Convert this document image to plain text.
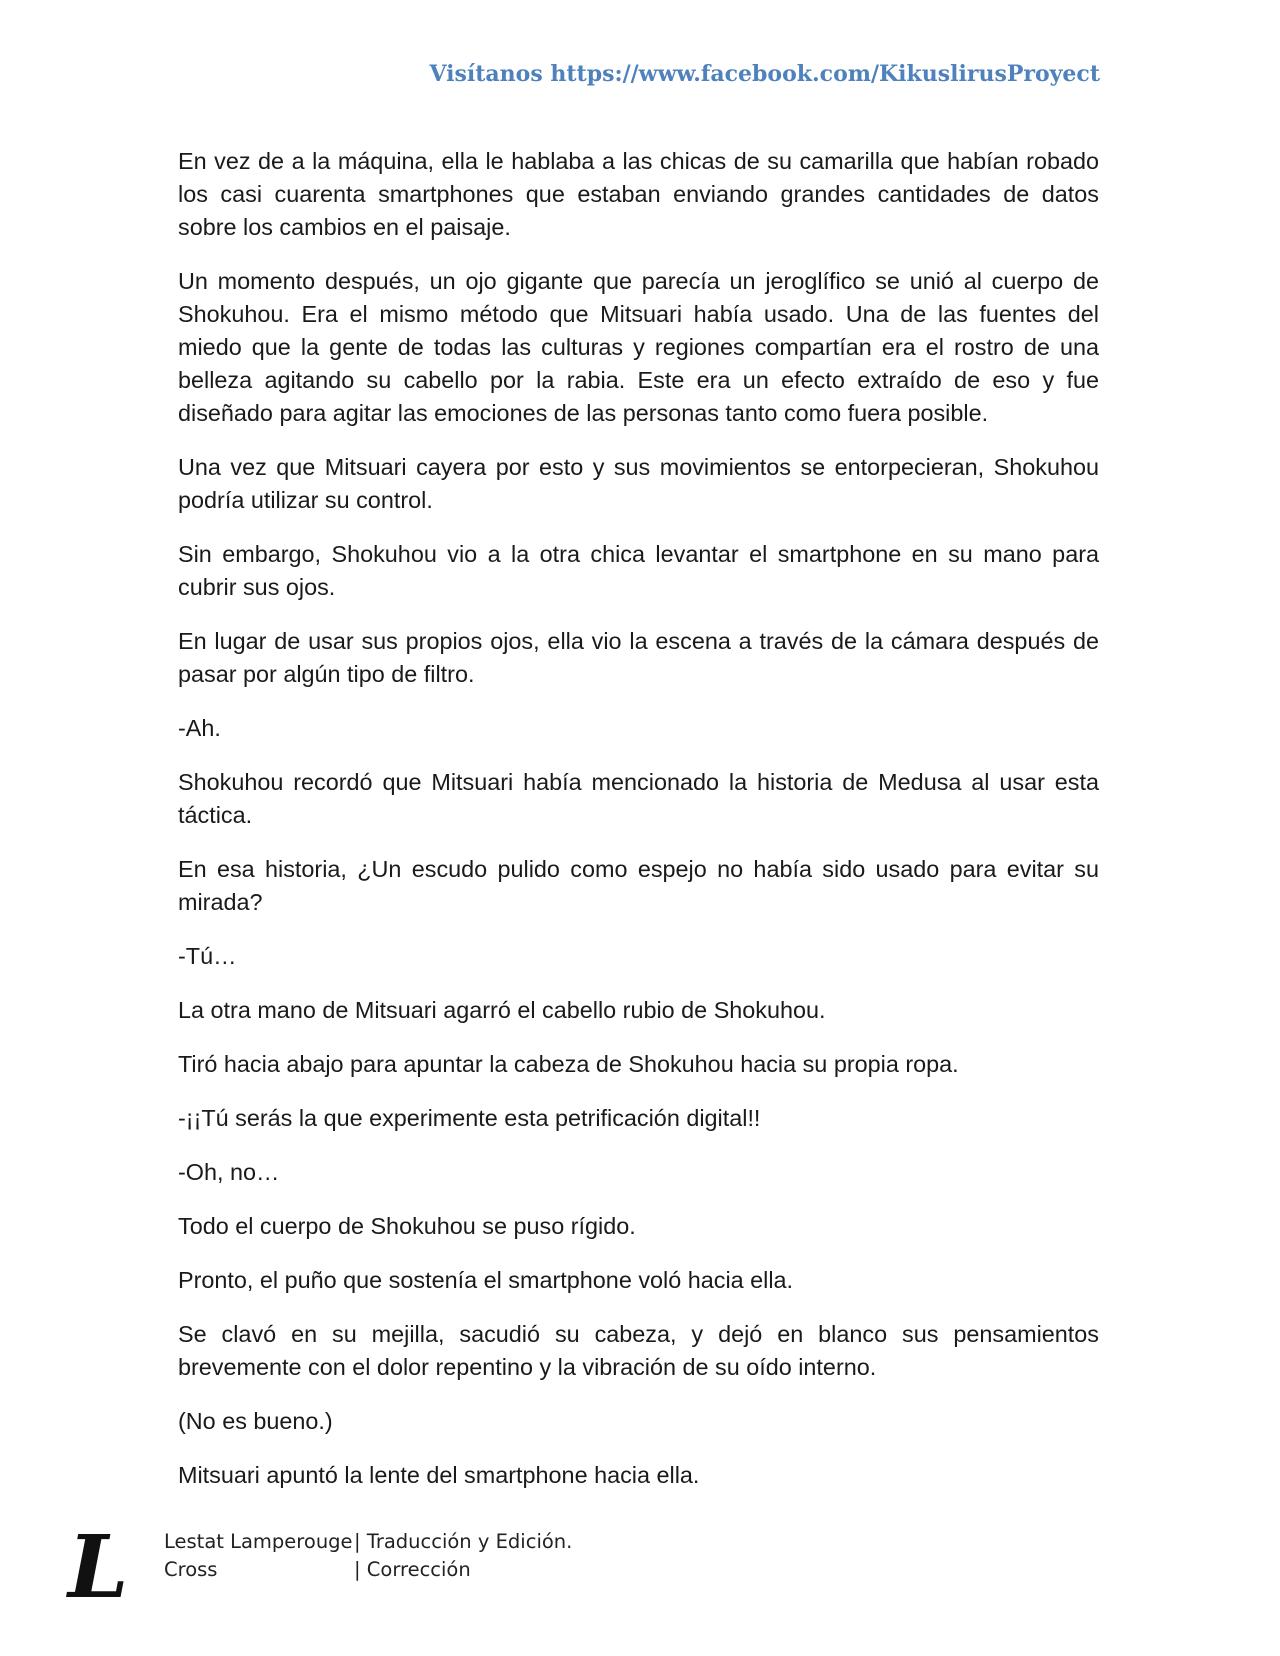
Visítanos https://www.facebook.com/KikuslirusProyect

En vez de a la máquina, ella le hablaba a las chicas de su camarilla que habían robado los casi cuarenta smartphones que estaban enviando grandes cantidades de datos sobre los cambios en el paisaje.

Un momento después, un ojo gigante que parecía un jeroglífico se unió al cuerpo de Shokuhou. Era el mismo método que Mitsuari había usado. Una de las fuentes del miedo que la gente de todas las culturas y regiones compartían era el rostro de una belleza agitando su cabello por la rabia. Este era un efecto extraído de eso y fue diseñado para agitar las emociones de las personas tanto como fuera posible.

Una vez que Mitsuari cayera por esto y sus movimientos se entorpecieran, Shokuhou podría utilizar su control.

Sin embargo, Shokuhou vio a la otra chica levantar el smartphone en su mano para cubrir sus ojos.

En lugar de usar sus propios ojos, ella vio la escena a través de la cámara después de pasar por algún tipo de filtro.

-Ah.

Shokuhou recordó que Mitsuari había mencionado la historia de Medusa al usar esta táctica.

En esa historia, ¿Un escudo pulido como espejo no había sido usado para evitar su mirada?

-Tú…

La otra mano de Mitsuari agarró el cabello rubio de Shokuhou.

Tiró hacia abajo para apuntar la cabeza de Shokuhou hacia su propia ropa.

-¡¡Tú serás la que experimente esta petrificación digital!!

-Oh, no…

Todo el cuerpo de Shokuhou se puso rígido.

Pronto, el puño que sostenía el smartphone voló hacia ella.

Se clavó en su mejilla, sacudió su cabeza, y dejó en blanco sus pensamientos brevemente con el dolor repentino y la vibración de su oído interno.

(No es bueno.)

Mitsuari apuntó la lente del smartphone hacia ella.

L Lestat Lamperouge | Traducción y Edición.
Cross	| Corrección
